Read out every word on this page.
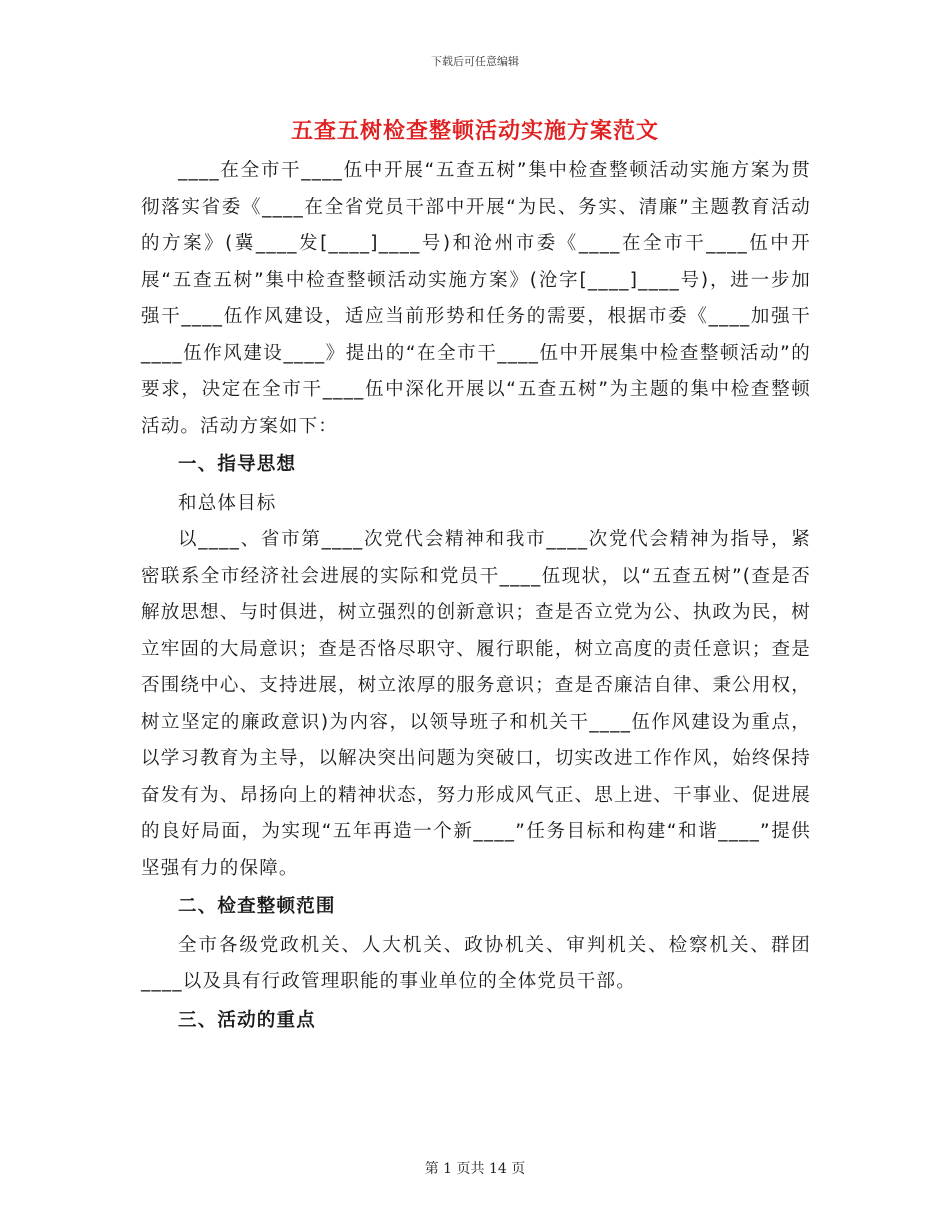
下载后可任意编辑
五查五树检查整顿活动实施方案范文

____在全市干____伍中开展“五查五树”集中检查整顿活动实施方案为贯彻落实省委《____在全省党员干部中开展“为民、务实、清廉”主题教育活动的方案》(冀____发[____]____号)和沧州市委《____在全市干____伍中开展“五查五树”集中检查整顿活动实施方案》(沧字[____]____号)，进一步加强干____伍作风建设，适应当前形势和任务的需要，根据市委《____加强干____伍作风建设____》提出的“在全市干____伍中开展集中检查整顿活动”的要求，决定在全市干____伍中深化开展以“五查五树”为主题的集中检查整顿活动。活动方案如下：

一、指导思想

和总体目标

以____、省市第____次党代会精神和我市____次党代会精神为指导，紧密联系全市经济社会进展的实际和党员干____伍现状，以“五查五树”(查是否解放思想、与时俱进，树立强烈的创新意识；查是否立党为公、执政为民，树立牢固的大局意识；查是否恪尽职守、履行职能，树立高度的责任意识；查是否围绕中心、支持进展，树立浓厚的服务意识；查是否廉洁自律、秉公用权，树立坚定的廉政意识)为内容，以领导班子和机关干____伍作风建设为重点，以学习教育为主导，以解决突出问题为突破口，切实改进工作作风，始终保持奋发有为、昂扬向上的精神状态，努力形成风气正、思上进、干事业、促进展的良好局面，为实现“五年再造一个新____”任务目标和构建“和谐____”提供坚强有力的保障。

二、检查整顿范围

全市各级党政机关、人大机关、政协机关、审判机关、检察机关、群团____以及具有行政管理职能的事业单位的全体党员干部。

三、活动的重点

第 1 页共 14 页
